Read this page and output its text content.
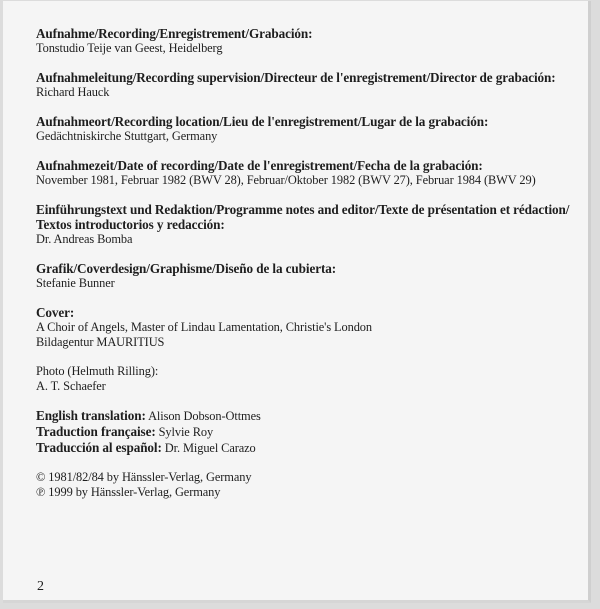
Aufnahme/Recording/Enregistrement/Grabación:
Tonstudio Teije van Geest, Heidelberg
Aufnahmeleitung/Recording supervision/Directeur de l'enregistrement/Director de grabación:
Richard Hauck
Aufnahmeort/Recording location/Lieu de l'enregistrement/Lugar de la grabación:
Gedächtniskirche Stuttgart, Germany
Aufnahmezeit/Date of recording/Date de l'enregistrement/Fecha de la grabación:
November 1981, Februar 1982 (BWV 28), Februar/Oktober 1982 (BWV 27), Februar 1984 (BWV 29)
Einführungstext und Redaktion/Programme notes and editor/Texte de présentation et rédaction/
Textos introductorios y redacción:
Dr. Andreas Bomba
Grafik/Coverdesign/Graphisme/Diseño de la cubierta:
Stefanie Bunner
Cover:
A Choir of Angels, Master of Lindau Lamentation, Christie's London
Bildagentur MAURITIUS
Photo (Helmuth Rilling):
A. T. Schaefer
English translation: Alison Dobson-Ottmes
Traduction française: Sylvie Roy
Traducción al español: Dr. Miguel Carazo
© 1981/82/84 by Hänssler-Verlag, Germany
℗ 1999 by Hänssler-Verlag, Germany
2
